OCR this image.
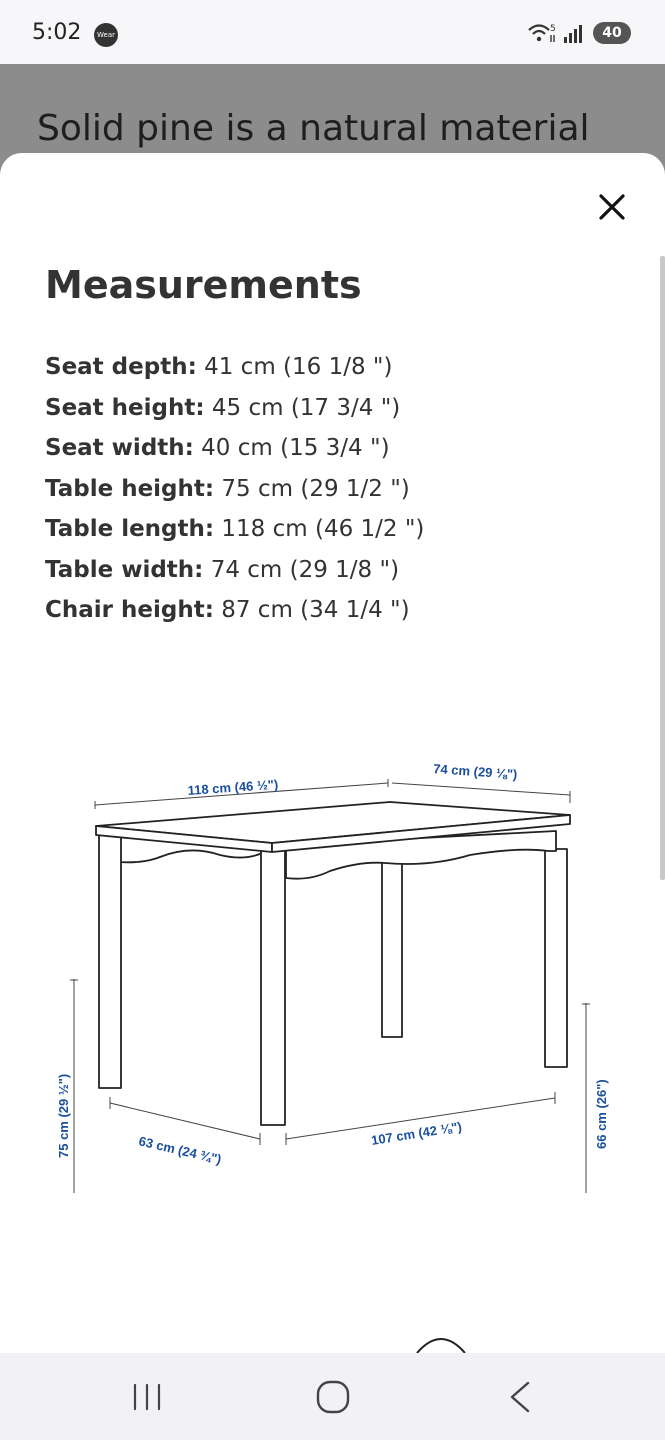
5:02	Wear
5	40
Solid pine is a natural material
Measurements
Seat depth: 41 cm (16 1/8 ")
Seat height: 45 cm (17 3/4 ")
Seat width: 40 cm (15 3/4 ")
Table height: 75 cm (29 1/2 ")
Table length: 118 cm (46 1/2 ")
Table width: 74 cm (29 1/8 ")
Chair height: 87 cm (34 1/4 ")
118 cm (46 ½")
74 cm (29 ⅛")
75 cm (29 ½")	66 cm (26")
63 cm (24 ¾")	107 cm (42 ⅛")
